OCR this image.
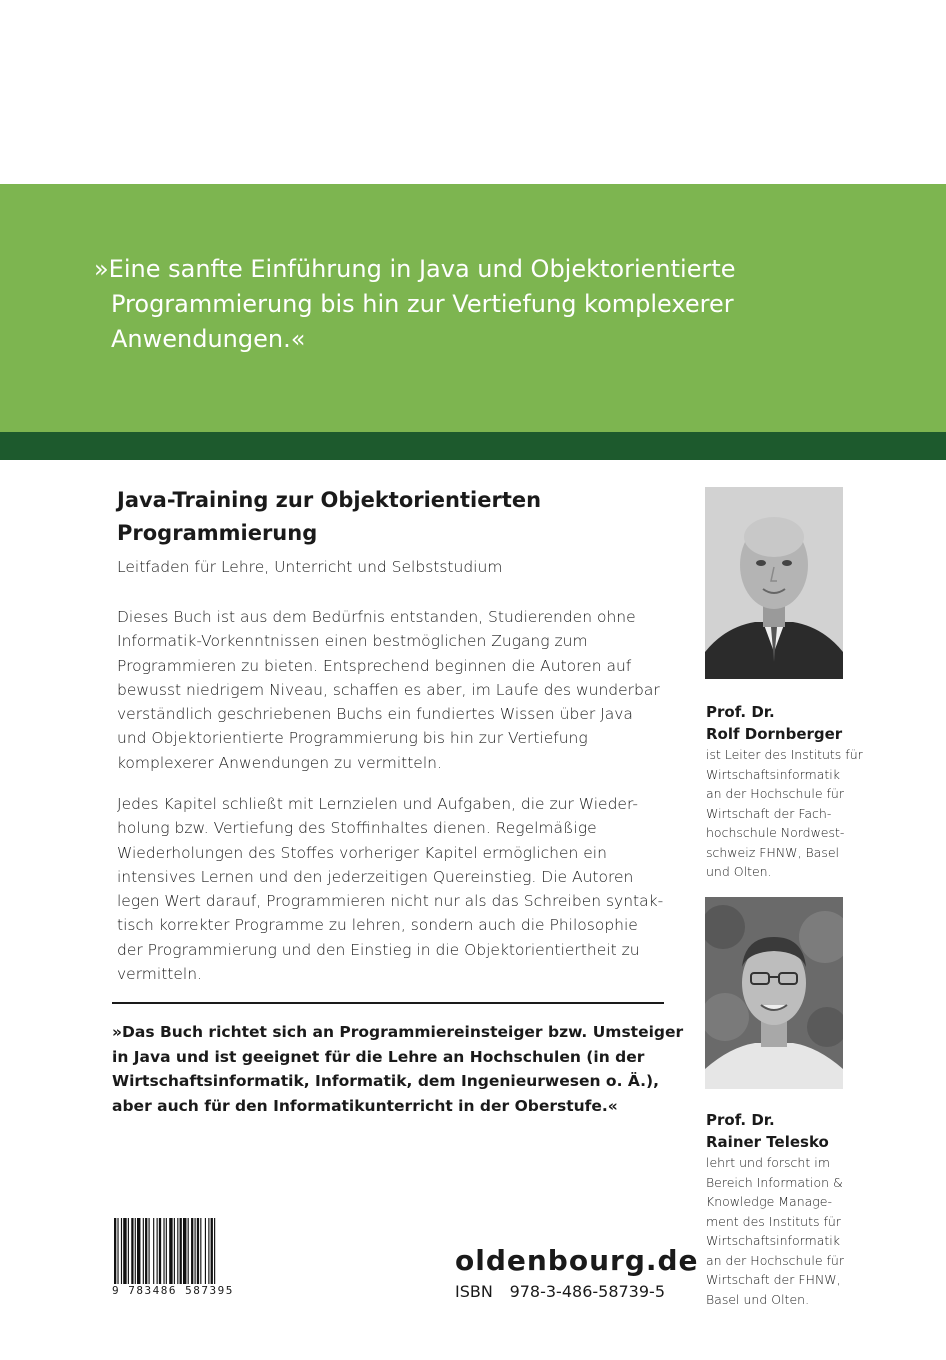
»Eine sanfte Einführung in Java und Objektorientierte
Programmierung bis hin zur Vertiefung komplexerer
Anwendungen.«

Java-Training zur Objektorientierten
Programmierung

Leitfaden für Lehre, Unterricht und Selbststudium

Dieses Buch ist aus dem Bedürfnis entstanden, Studierenden ohne
Informatik-Vorkenntnissen einen bestmöglichen Zugang zum
Programmieren zu bieten. Entsprechend beginnen die Autoren auf
bewusst niedrigem Niveau, schaffen es aber, im Laufe des wunderbar
verständlich geschriebenen Buchs ein fundiertes Wissen über Java
und Objektorientierte Programmierung bis hin zur Vertiefung
komplexerer Anwendungen zu vermitteln.

Jedes Kapitel schließt mit Lernzielen und Aufgaben, die zur Wieder-
holung bzw. Vertiefung des Stoffinhaltes dienen. Regelmäßige
Wiederholungen des Stoffes vorheriger Kapitel ermöglichen ein
intensives Lernen und den jederzeitigen Quereinstieg. Die Autoren
legen Wert darauf, Programmieren nicht nur als das Schreiben syntak-
tisch korrekter Programme zu lehren, sondern auch die Philosophie
der Programmierung und den Einstieg in die Objektorientiertheit zu
vermitteln.

»Das Buch richtet sich an Programmiereinsteiger bzw. Umsteiger
in Java und ist geeignet für die Lehre an Hochschulen (in der
Wirtschaftsinformatik, Informatik, dem Ingenieurwesen o. Ä.),
aber auch für den Informatikunterricht in der Oberstufe.«

Prof. Dr.
Rolf Dornberger
ist Leiter des Instituts für
Wirtschaftsinformatik
an der Hochschule für
Wirtschaft der Fach-
hochschule Nordwest-
schweiz FHNW, Basel
und Olten.
Prof. Dr.
Rainer Telesko
lehrt und forscht im
Bereich Information &
Knowledge Manage-
ment des Instituts für
Wirtschaftsinformatik
an der Hochschule für
Wirtschaft der FHNW,
Basel und Olten.

9 783486 587395

oldenbourg.de

ISBN 978-3-486-58739-5
